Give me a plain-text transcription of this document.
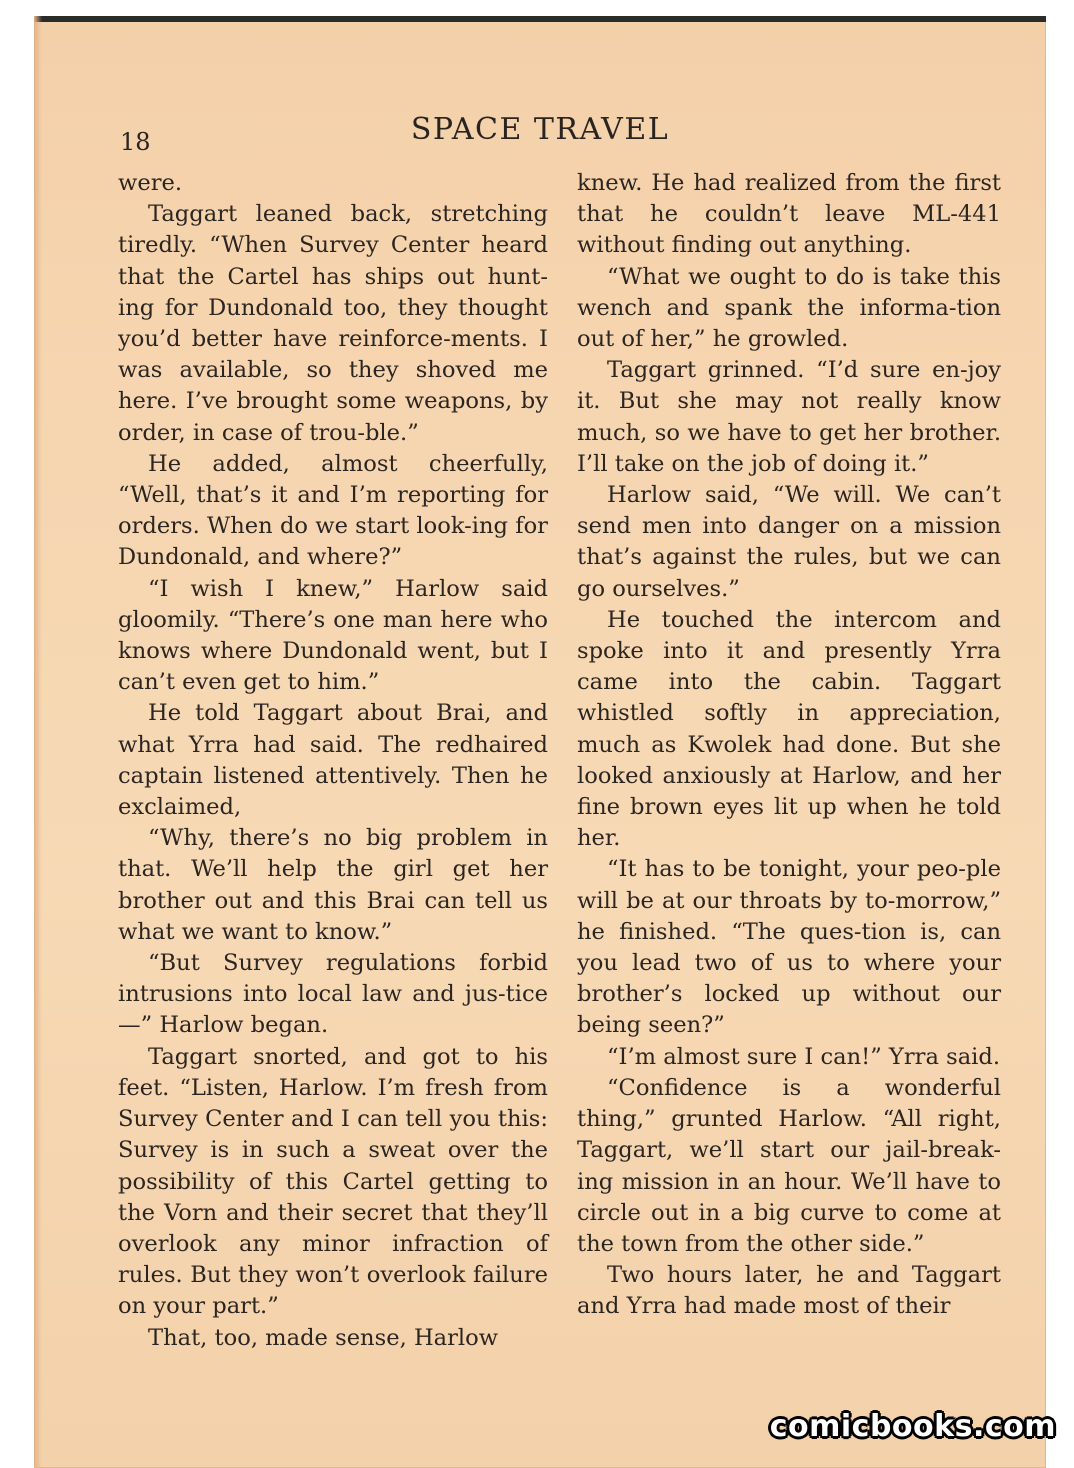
18	SPACE TRAVEL

were.

Taggart leaned back, stretching tiredly. “When Survey Center heard that the Cartel has ships out hunt-ing for Dundonald too, they thought you’d better have reinforce-ments. I was available, so they shoved me here. I’ve brought some weapons, by order, in case of trou-ble.”

He added, almost cheerfully, “Well, that’s it and I’m reporting for orders. When do we start look-ing for Dundonald, and where?”

“I wish I knew,” Harlow said gloomily. “There’s one man here who knows where Dundonald went, but I can’t even get to him.”

He told Taggart about Brai, and what Yrra had said. The redhaired captain listened attentively. Then he exclaimed,

“Why, there’s no big problem in that. We’ll help the girl get her brother out and this Brai can tell us what we want to know.”

“But Survey regulations forbid intrusions into local law and jus-tice—” Harlow began.

Taggart snorted, and got to his feet. “Listen, Harlow. I’m fresh from Survey Center and I can tell you this: Survey is in such a sweat over the possibility of this Cartel getting to the Vorn and their secret that they’ll overlook any minor infraction of rules. But they won’t overlook failure on your part.”

That, too, made sense, Harlow

knew. He had realized from the first that he couldn’t leave ML-441 without finding out anything.

“What we ought to do is take this wench and spank the informa-tion out of her,” he growled.

Taggart grinned. “I’d sure en-joy it. But she may not really know much, so we have to get her brother. I’ll take on the job of doing it.”

Harlow said, “We will. We can’t send men into danger on a mission that’s against the rules, but we can go ourselves.”

He touched the intercom and spoke into it and presently Yrra came into the cabin. Taggart whistled softly in appreciation, much as Kwolek had done. But she looked anxiously at Harlow, and her fine brown eyes lit up when he told her.

“It has to be tonight, your peo-ple will be at our throats by to-morrow,” he finished. “The ques-tion is, can you lead two of us to where your brother’s locked up without our being seen?”

“I’m almost sure I can!” Yrra said.

“Confidence is a wonderful thing,” grunted Harlow. “All right, Taggart, we’ll start our jail-break-ing mission in an hour. We’ll have to circle out in a big curve to come at the town from the other side.”

Two hours later, he and Taggart and Yrra had made most of their

comicbooks.com
